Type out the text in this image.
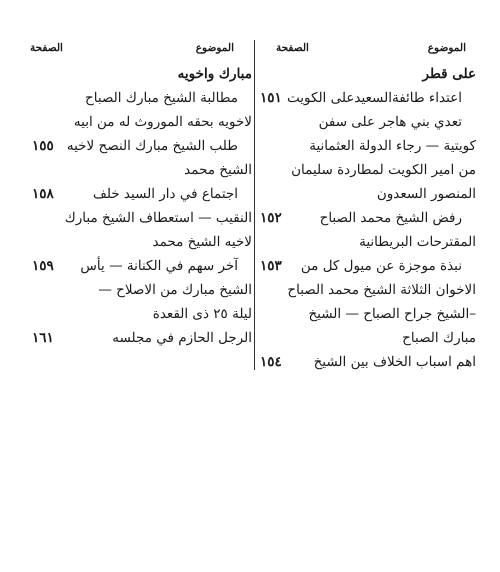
الموضوع
الصفحة
على قطر
١٥١ اعتداء طائفةالسعيدعلى الكويت
تعدي بني هاجر على سفن
كويتية — رجاء الدولة العثمانية
من امير الكويت لمطاردة سليمان
المنصور السعدون
١٥٢	رفض الشيخ محمد الصباح
المقترحات البريطانية
١٥٣	نبذة موجزة عن ميول كل من
الاخوان الثلاثة الشيخ محمد الصباح
–الشيخ جراح الصباح — الشيخ
مبارك الصباح
١٥٤	اهم اسباب الخلاف بين الشيخ
الموضوع
الصفحة
مبارك واخويه
مطالبة الشيخ مبارك الصباح
لاخويه بحقه الموروث له من ابيه
١٥٥ طلب الشيخ مبارك النصح لاخيه
الشيخ محمد
١٥٨	اجتماع في دار السيد خلف
النقيب — استعطاف الشيخ مبارك
لاخيه الشيخ محمد
١٥٩	آخر سهم في الكنانة — يأس
الشيخ مبارك من الاصلاح —
ليلة ٢٥ ذى القعدة
١٦١	الرجل الحازم في مجلسه
